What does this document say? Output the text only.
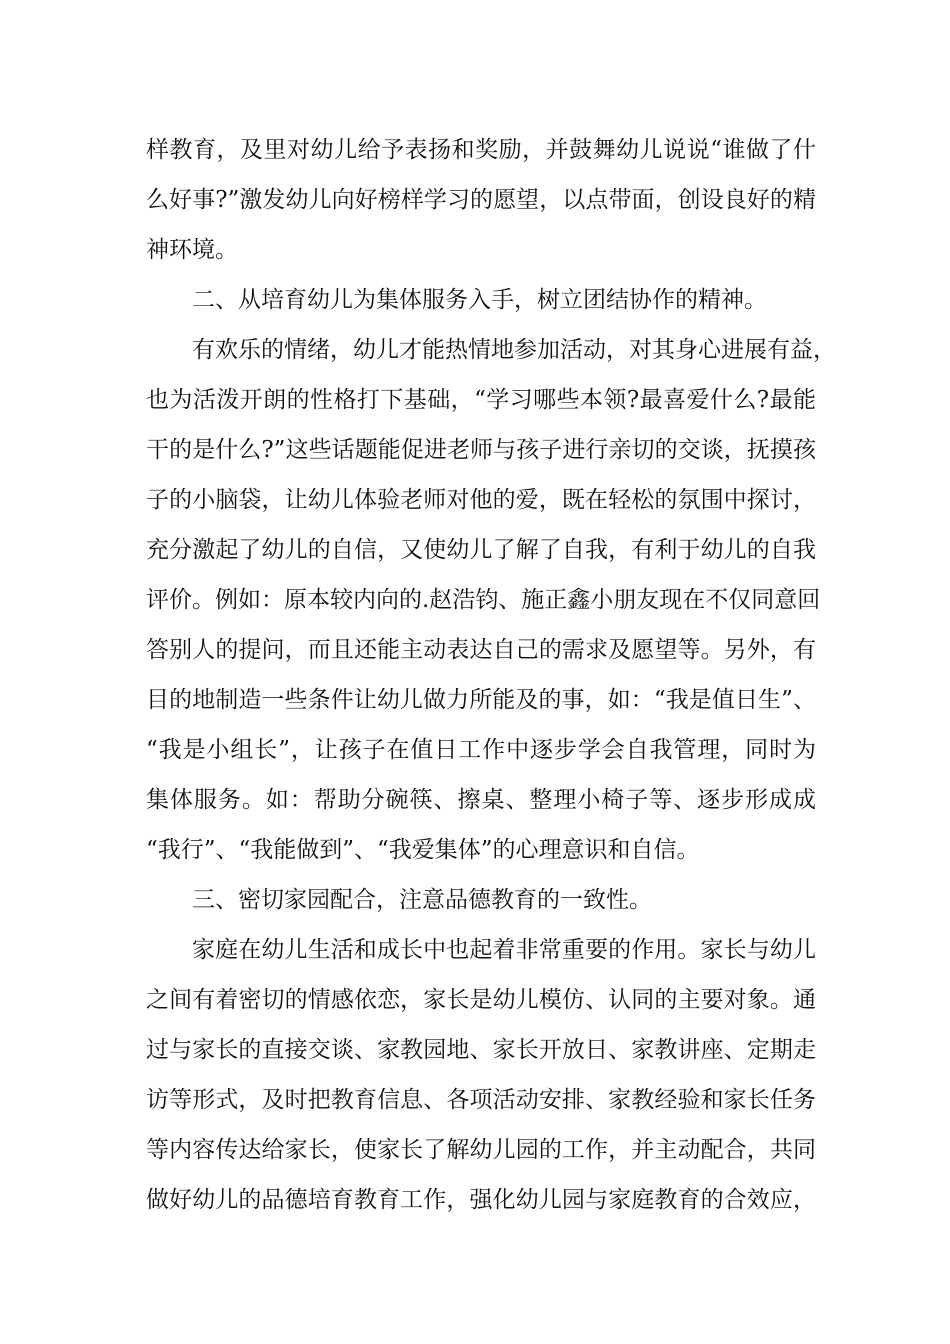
样教育，及里对幼儿给予表扬和奖励，并鼓舞幼儿说说“谁做了什
么好事?”激发幼儿向好榜样学习的愿望，以点带面，创设良好的精
神环境。
二、从培育幼儿为集体服务入手，树立团结协作的精神。
有欢乐的情绪，幼儿才能热情地参加活动，对其身心进展有益，
也为活泼开朗的性格打下基础，“学习哪些本领?最喜爱什么?最能
干的是什么?”这些话题能促进老师与孩子进行亲切的交谈，抚摸孩
子的小脑袋，让幼儿体验老师对他的爱，既在轻松的氛围中探讨，
充分激起了幼儿的自信，又使幼儿了解了自我，有利于幼儿的自我
评价。例如：原本较内向的.赵浩钧、施正鑫小朋友现在不仅同意回
答别人的提问，而且还能主动表达自己的需求及愿望等。另外，有
目的地制造一些条件让幼儿做力所能及的事，如：“我是值日生”、
“我是小组长”，让孩子在值日工作中逐步学会自我管理，同时为
集体服务。如：帮助分碗筷、擦桌、整理小椅子等、逐步形成成
“我行”、“我能做到”、“我爱集体”的心理意识和自信。
三、密切家园配合，注意品德教育的一致性。
家庭在幼儿生活和成长中也起着非常重要的作用。家长与幼儿
之间有着密切的情感依恋，家长是幼儿模仿、认同的主要对象。通
过与家长的直接交谈、家教园地、家长开放日、家教讲座、定期走
访等形式，及时把教育信息、各项活动安排、家教经验和家长任务
等内容传达给家长，使家长了解幼儿园的工作，并主动配合，共同
做好幼儿的品德培育教育工作，强化幼儿园与家庭教育的合效应，
